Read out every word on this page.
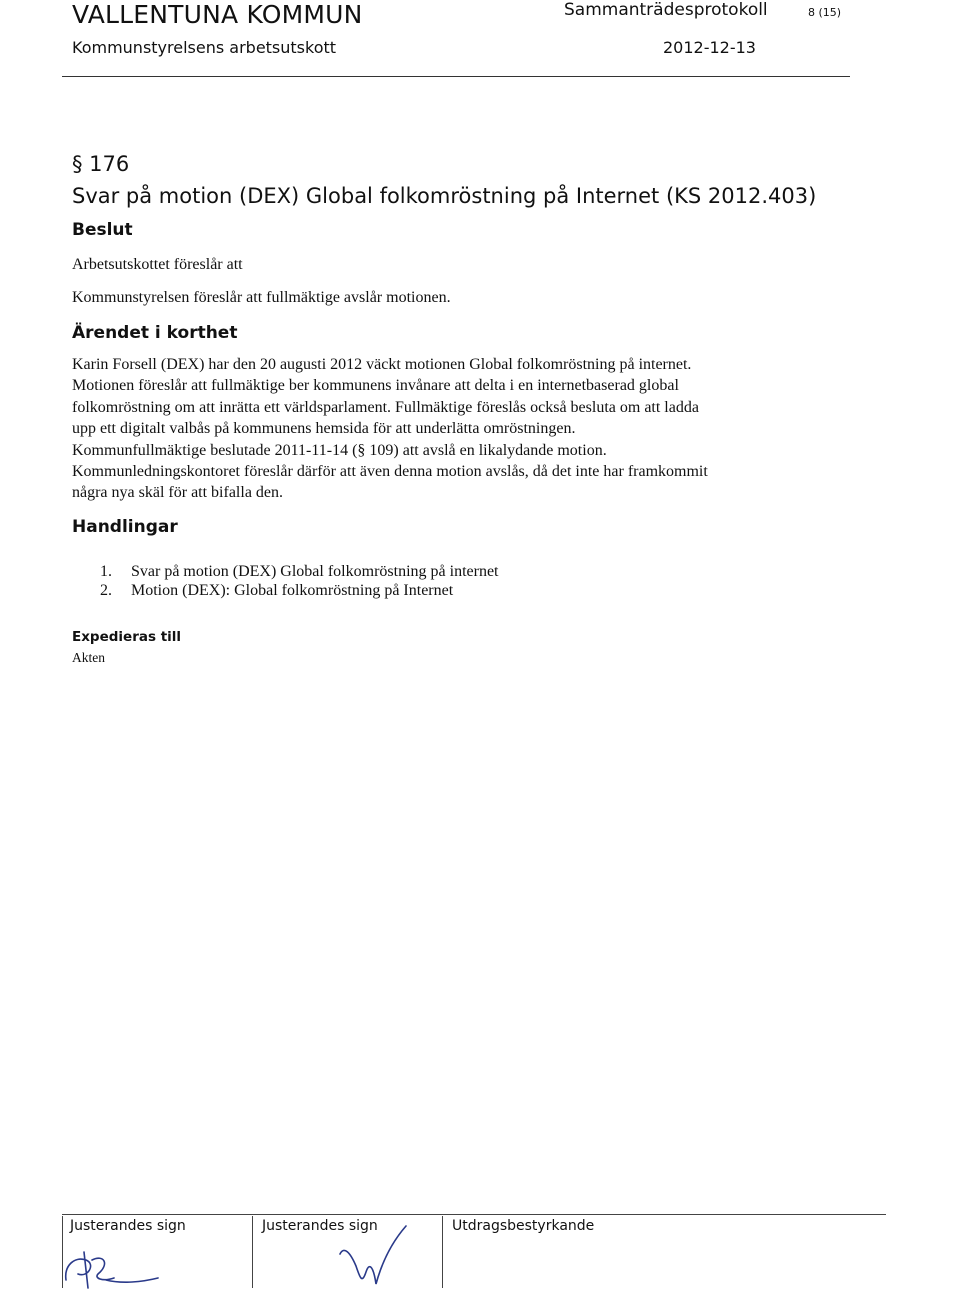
VALLENTUNA KOMMUN	Sammanträdesprotokoll	8 (15)
Kommunstyrelsens arbetsutskott	2012-12-13
§ 176
Svar på motion (DEX) Global folkomröstning på Internet (KS 2012.403)
Beslut
Arbetsutskottet föreslår att
Kommunstyrelsen föreslår att fullmäktige avslår motionen.
Ärendet i korthet
Karin Forsell (DEX) har den 20 augusti 2012 väckt motionen Global folkomröstning på internet.
Motionen föreslår att fullmäktige ber kommunens invånare att delta i en internetbaserad global
folkomröstning om att inrätta ett världsparlament. Fullmäktige föreslås också besluta om att ladda
upp ett digitalt valbås på kommunens hemsida för att underlätta omröstningen.
Kommunfullmäktige beslutade 2011-11-14 (§ 109) att avslå en likalydande motion.
Kommunledningskontoret föreslår därför att även denna motion avslås, då det inte har framkommit
några nya skäl för att bifalla den.
Handlingar
1. Svar på motion (DEX) Global folkomröstning på internet
2. Motion (DEX): Global folkomröstning på Internet
Expedieras till
Akten
Justerandes sign	Justerandes sign	Utdragsbestyrkande
